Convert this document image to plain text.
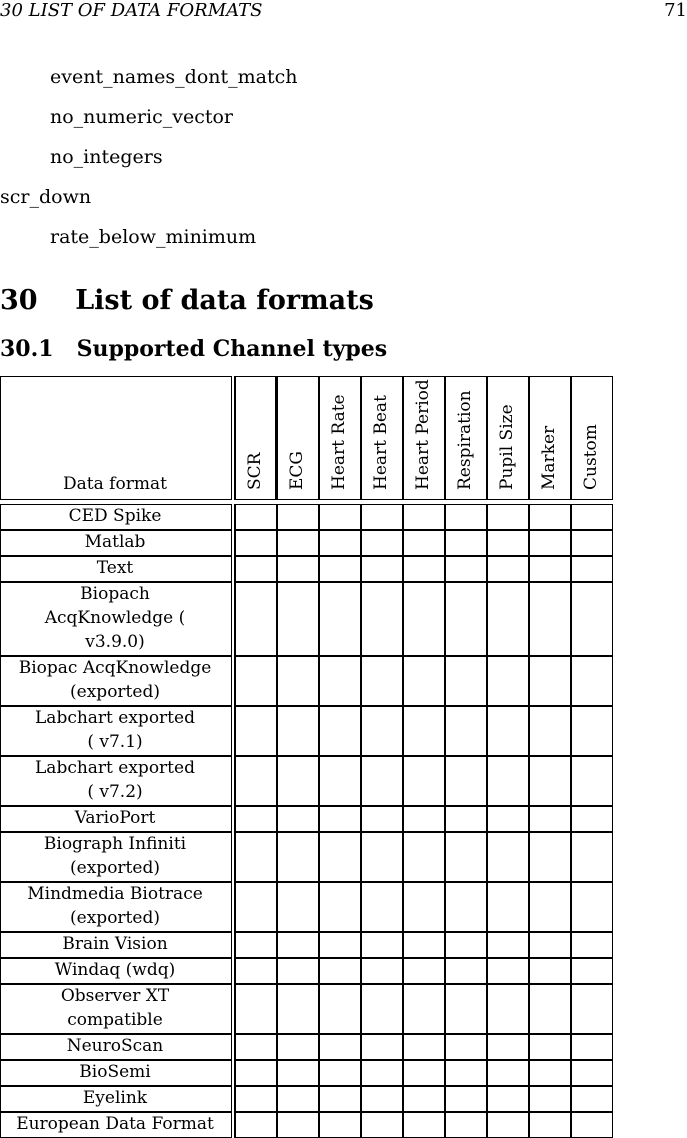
30 LIST OF DATA FORMATS	71
event_names_dont_match
no_numeric_vector
no_integers
scr_down
rate_below_minimum
30 List of data formats
30.1 Supported Channel types
Data format	SCR ECG Heart Rate Heart Beat Heart Period Respiration Pupil Size Marker Custom
CED Spike
Matlab
Text
Biopach
AcqKnowledge (
v3.9.0)
Biopac AcqKnowledge
(exported)
Labchart exported
( v7.1)
Labchart exported
( v7.2)
VarioPort
Biograph Infiniti
(exported)
Mindmedia Biotrace
(exported)
Brain Vision
Windaq (wdq)
Observer XT
compatible
NeuroScan
BioSemi
Eyelink
European Data Format
